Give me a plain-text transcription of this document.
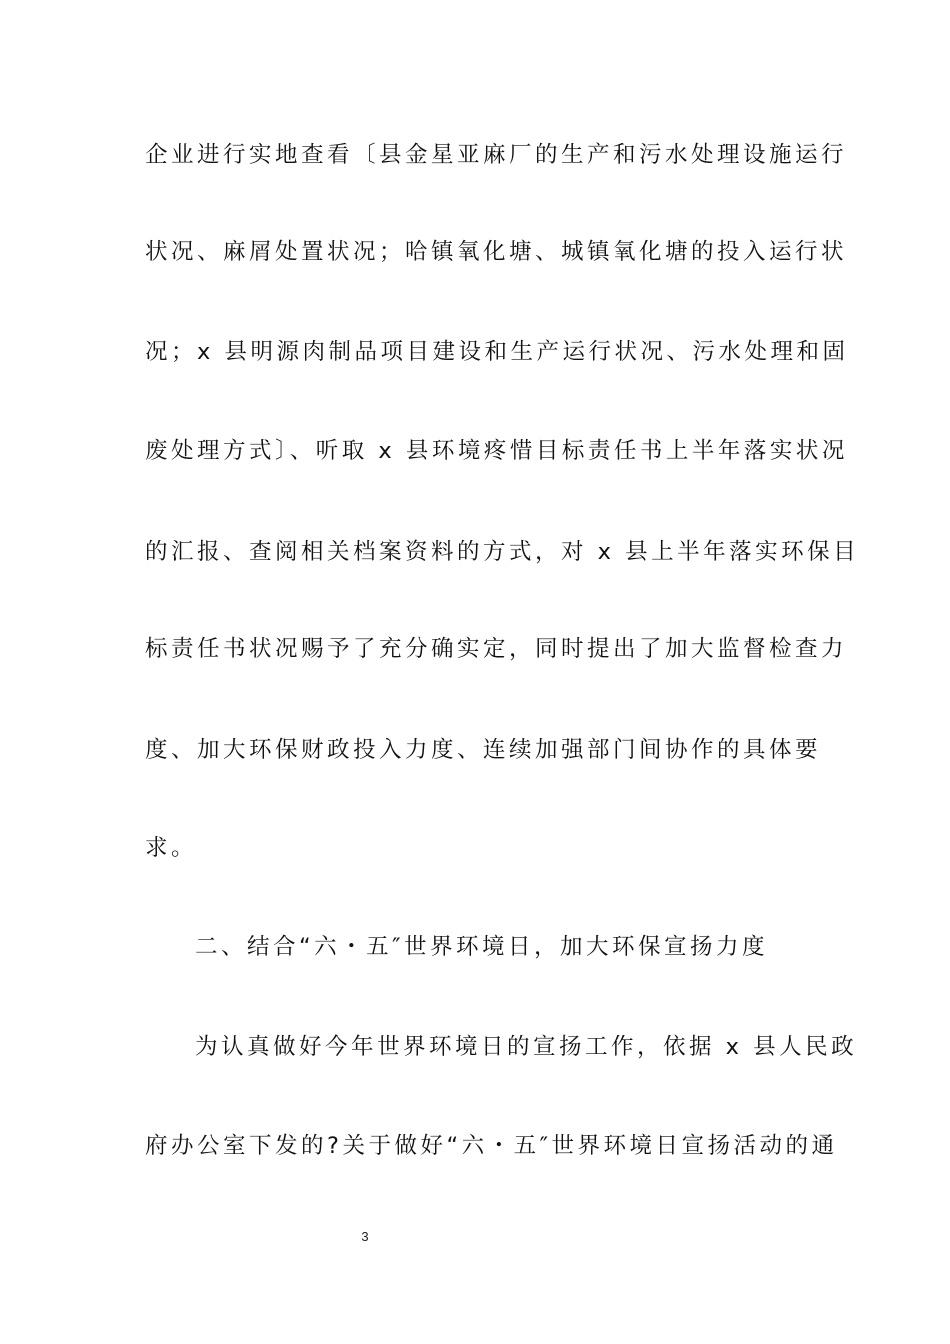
企业进行实地查看〔县金星亚麻厂的生产和污水处理设施运行
状况、麻屑处置状况；哈镇氧化塘、城镇氧化塘的投入运行状
况；x 县明源肉制品项目建设和生产运行状况、污水处理和固
废处理方式〕、听取 x 县环境疼惜目标责任书上半年落实状况
的汇报、查阅相关档案资料的方式，对 x 县上半年落实环保目
标责任书状况赐予了充分确实定，同时提出了加大监督检查力
度、加大环保财政投入力度、连续加强部门间协作的具体要
求。
二、结合“六・五″世界环境日，加大环保宣扬力度
为认真做好今年世界环境日的宣扬工作，依据 x 县人民政
府办公室下发的?关于做好“六・五″世界环境日宣扬活动的通
3
